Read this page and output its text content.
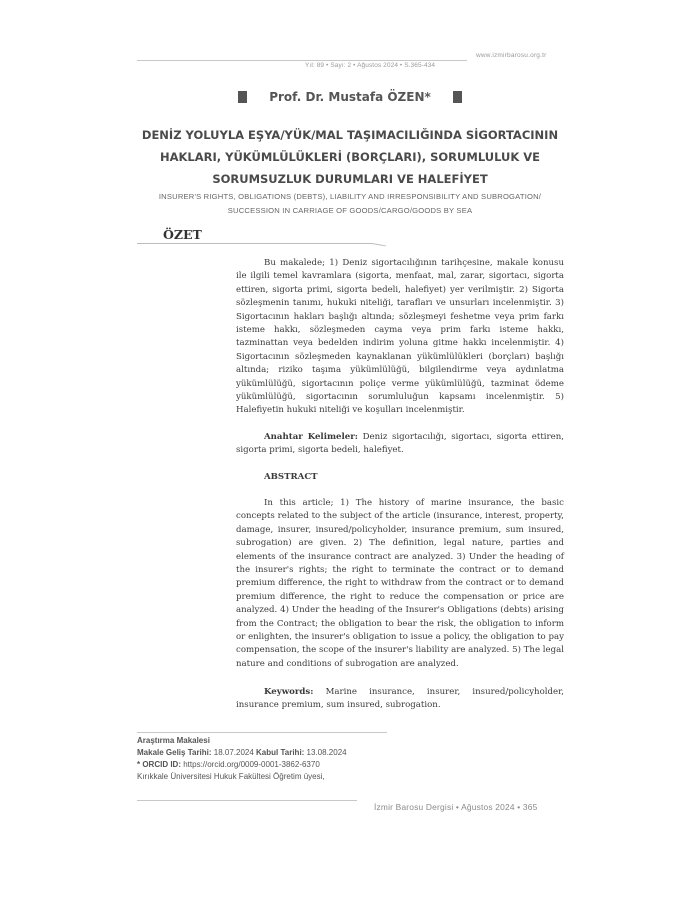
www.izmirbarosu.org.tr
Yıl: 89 • Sayı: 2 • Ağustos 2024 • S.365-434
Prof. Dr. Mustafa ÖZEN*
DENİZ YOLUYLA EŞYA/YÜK/MAL TAŞIMACILIĞINDA SİGORTACININ
HAKLARI, YÜKÜMLÜLÜKLERİ (BORÇLARI), SORUMLULUK VE
SORUMSUZLUK DURUMLARI VE HALEFİYET
INSURER'S RIGHTS, OBLIGATIONS (DEBTS), LIABILITY AND IRRESPONSIBILITY AND SUBROGATION/
SUCCESSION IN CARRIAGE OF GOODS/CARGO/GOODS BY SEA
ÖZET
Bu makalede; 1) Deniz sigortacılığının tarihçesine, makale konusu ile ilgili temel kavramlara (sigorta, menfaat, mal, zarar, sigortacı, sigorta ettiren, sigorta primi, sigorta bedeli, halefiyet) yer verilmiştir. 2) Sigorta sözleşmenin tanımı, hukuki niteliği, tarafları ve unsurları incelenmiştir. 3) Sigortacının hakları başlığı altında; sözleşmeyi feshetme veya prim farkı isteme hakkı, sözleşmeden cayma veya prim farkı isteme hakkı, tazminattan veya bedelden indirim yoluna gitme hakkı incelenmiştir. 4) Sigortacının sözleşmeden kaynaklanan yükümlülükleri (borçları) başlığı altında; riziko taşıma yükümlülüğü, bilgilendirme veya aydınlatma yükümlülüğü, sigortacının poliçe verme yükümlülüğü, tazminat ödeme yükümlülüğü, sigortacının sorumluluğun kapsamı incelenmiştir. 5) Halefiyetin hukuki niteliği ve koşulları incelenmiştir.
Anahtar Kelimeler: Deniz sigortacılığı, sigortacı, sigorta ettiren, sigorta primi, sigorta bedeli, halefiyet.
ABSTRACT
In this article; 1) The history of marine insurance, the basic concepts related to the subject of the article (insurance, interest, property, damage, insurer, insured/policyholder, insurance premium, sum insured, subrogation) are given. 2) The definition, legal nature, parties and elements of the insurance contract are analyzed. 3) Under the heading of the insurer's rights; the right to terminate the contract or to demand premium difference, the right to withdraw from the contract or to demand premium difference, the right to reduce the compensation or price are analyzed. 4) Under the heading of the Insurer's Obligations (debts) arising from the Contract; the obligation to bear the risk, the obligation to inform or enlighten, the insurer's obligation to issue a policy, the obligation to pay compensation, the scope of the insurer's liability are analyzed. 5) The legal nature and conditions of subrogation are analyzed.
Keywords: Marine insurance, insurer, insured/policyholder, insurance premium, sum insured, subrogation.
Araştırma Makalesi
Makale Geliş Tarihi: 18.07.2024 Kabul Tarihi: 13.08.2024
* ORCID ID: https://orcid.org/0009-0001-3862-6370
Kırıkkale Üniversitesi Hukuk Fakültesi Öğretim üyesi,
İzmir Barosu Dergisi • Ağustos 2024 • 365
